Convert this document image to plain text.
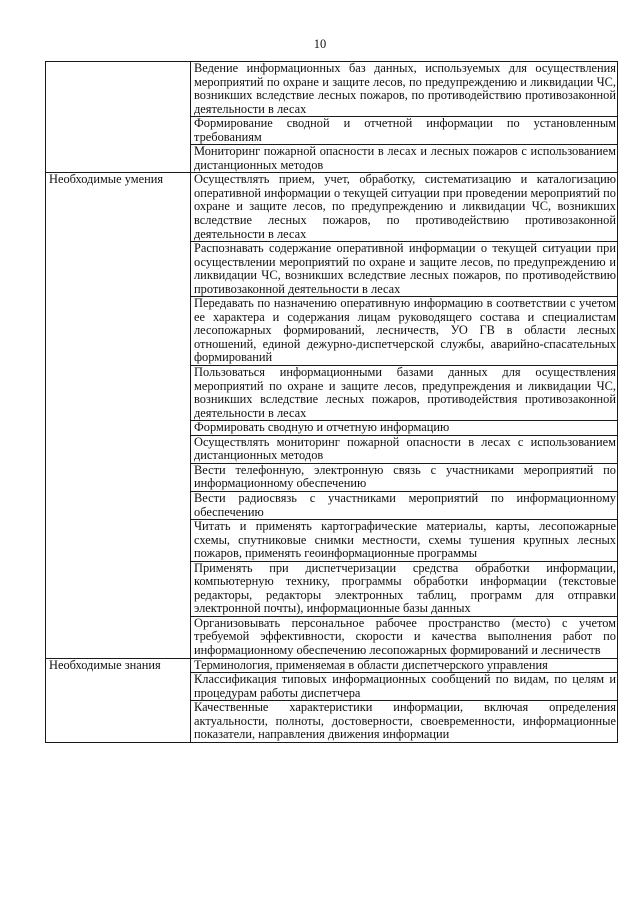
10
	Ведение информационных баз данных, используемых для осуществления мероприятий по охране и защите лесов, по предупреждению и ликвидации ЧС, возникших вследствие лесных пожаров, по противодействию противозаконной деятельности в лесах
	Формирование сводной и отчетной информации по установленным требованиям
	Мониторинг пожарной опасности в лесах и лесных пожаров с использованием дистанционных методов
Необходимые умения	Осуществлять прием, учет, обработку, систематизацию и каталогизацию оперативной информации о текущей ситуации при проведении мероприятий по охране и защите лесов, по предупреждению и ликвидации ЧС, возникших вследствие лесных пожаров, по противодействию противозаконной деятельности в лесах
	Распознавать содержание оперативной информации о текущей ситуации при осуществлении мероприятий по охране и защите лесов, по предупреждению и ликвидации ЧС, возникших вследствие лесных пожаров, по противодействию противозаконной деятельности в лесах
	Передавать по назначению оперативную информацию в соответствии с учетом ее характера и содержания лицам руководящего состава и специалистам лесопожарных формирований, лесничеств, УО ГВ в области лесных отношений, единой дежурно-диспетчерской службы, аварийно-спасательных формирований
	Пользоваться информационными базами данных для осуществления мероприятий по охране и защите лесов, предупреждения и ликвидации ЧС, возникших вследствие лесных пожаров, противодействия противозаконной деятельности в лесах
	Формировать сводную и отчетную информацию
	Осуществлять мониторинг пожарной опасности в лесах с использованием дистанционных методов
	Вести телефонную, электронную связь с участниками мероприятий по информационному обеспечению
	Вести радиосвязь с участниками мероприятий по информационному обеспечению
	Читать и применять картографические материалы, карты, лесопожарные схемы, спутниковые снимки местности, схемы тушения крупных лесных пожаров, применять геоинформационные программы
	Применять при диспетчеризации средства обработки информации, компьютерную технику, программы обработки информации (текстовые редакторы, редакторы электронных таблиц, программ для отправки электронной почты), информационные базы данных
	Организовывать персональное рабочее пространство (место) с учетом требуемой эффективности, скорости и качества выполнения работ по информационному обеспечению лесопожарных формирований и лесничеств
Необходимые знания	Терминология, применяемая в области диспетчерского управления
	Классификация типовых информационных сообщений по видам, по целям и процедурам работы диспетчера
	Качественные характеристики информации, включая определения актуальности, полноты, достоверности, своевременности, информационные показатели, направления движения информации
